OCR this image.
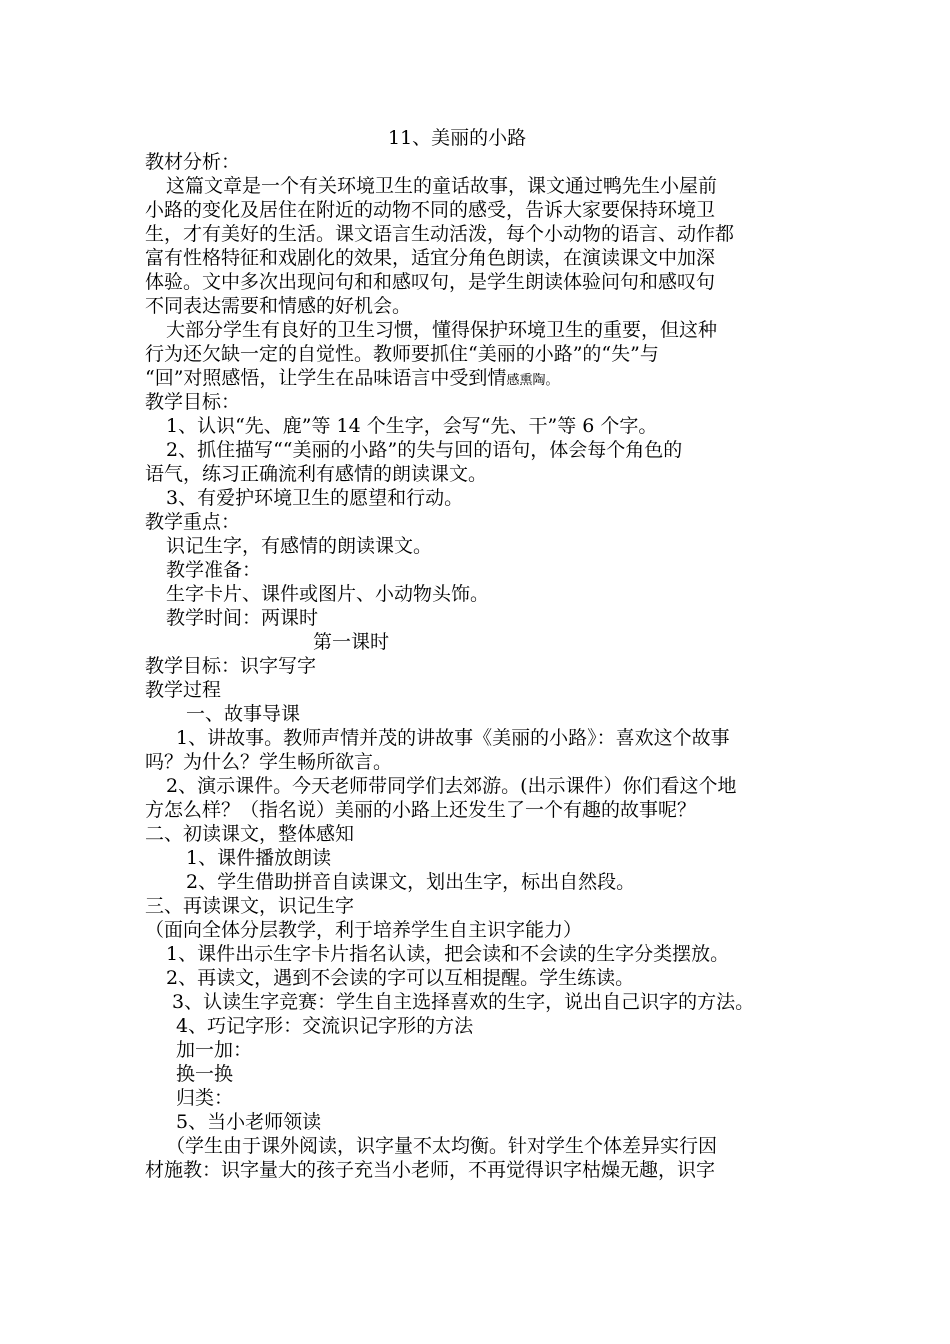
11、美丽的小路
教材分析：
这篇文章是一个有关环境卫生的童话故事，课文通过鸭先生小屋前
小路的变化及居住在附近的动物不同的感受，告诉大家要保持环境卫
生，才有美好的生活。课文语言生动活泼，每个小动物的语言、动作都
富有性格特征和戏剧化的效果，适宜分角色朗读，在演读课文中加深
体验。文中多次出现问句和和感叹句，是学生朗读体验问句和感叹句
不同表达需要和情感的好机会。
大部分学生有良好的卫生习惯，懂得保护环境卫生的重要，但这种
行为还欠缺一定的自觉性。教师要抓住“美丽的小路”的“失”与
“回”对照感悟，让学生在品味语言中受到情感熏陶。
教学目标：
1、认识“先、鹿”等 14 个生字，会写“先、干”等 6 个字。
2、抓住描写““美丽的小路”的失与回的语句，体会每个角色的
语气，练习正确流利有感情的朗读课文。
3、有爱护环境卫生的愿望和行动。
教学重点：
识记生字，有感情的朗读课文。
教学准备：
生字卡片、课件或图片、小动物头饰。
教学时间：两课时
第一课时
教学目标：识字写字
教学过程
一、故事导课
1、讲故事。教师声情并茂的讲故事《美丽的小路》：喜欢这个故事
吗？为什么？学生畅所欲言。
2、演示课件。今天老师带同学们去郊游。(出示课件）你们看这个地
方怎么样？（指名说）美丽的小路上还发生了一个有趣的故事呢？
二、初读课文，整体感知
1、课件播放朗读
2、学生借助拼音自读课文，划出生字，标出自然段。
三、再读课文，识记生字
（面向全体分层教学，利于培养学生自主识字能力）
1、课件出示生字卡片指名认读，把会读和不会读的生字分类摆放。
2、再读文，遇到不会读的字可以互相提醒。学生练读。
3、认读生字竞赛：学生自主选择喜欢的生字，说出自己识字的方法。
4、巧记字形：交流识记字形的方法
加一加：
换一换
归类：
5、当小老师领读
（学生由于课外阅读，识字量不太均衡。针对学生个体差异实行因
材施教：识字量大的孩子充当小老师，不再觉得识字枯燥无趣，识字
